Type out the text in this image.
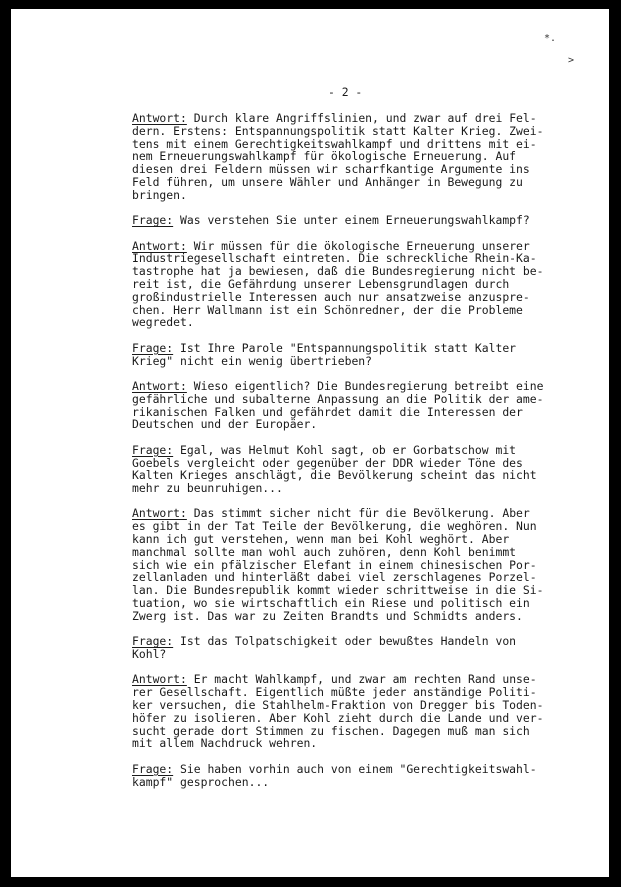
*.
>
- 2 -
Antwort: Durch klare Angriffslinien, und zwar auf drei Fel-
dern. Erstens: Entspannungspolitik statt Kalter Krieg. Zwei-
tens mit einem Gerechtigkeitswahlkampf und drittens mit ei-
nem Erneuerungswahlkampf für ökologische Erneuerung. Auf
diesen drei Feldern müssen wir scharfkantige Argumente ins
Feld führen, um unsere Wähler und Anhänger in Bewegung zu
bringen.
Frage: Was verstehen Sie unter einem Erneuerungswahlkampf?
Antwort: Wir müssen für die ökologische Erneuerung unserer
Industriegesellschaft eintreten. Die schreckliche Rhein-Ka-
tastrophe hat ja bewiesen, daß die Bundesregierung nicht be-
reit ist, die Gefährdung unserer Lebensgrundlagen durch
großindustrielle Interessen auch nur ansatzweise anzuspre-
chen. Herr Wallmann ist ein Schönredner, der die Probleme
wegredet.
Frage: Ist Ihre Parole "Entspannungspolitik statt Kalter
Krieg" nicht ein wenig übertrieben?
Antwort: Wieso eigentlich? Die Bundesregierung betreibt eine
gefährliche und subalterne Anpassung an die Politik der ame-
rikanischen Falken und gefährdet damit die Interessen der
Deutschen und der Europäer.
Frage: Egal, was Helmut Kohl sagt, ob er Gorbatschow mit
Goebels vergleicht oder gegenüber der DDR wieder Töne des
Kalten Krieges anschlägt, die Bevölkerung scheint das nicht
mehr zu beunruhigen...
Antwort: Das stimmt sicher nicht für die Bevölkerung. Aber
es gibt in der Tat Teile der Bevölkerung, die weghören. Nun
kann ich gut verstehen, wenn man bei Kohl weghört. Aber
manchmal sollte man wohl auch zuhören, denn Kohl benimmt
sich wie ein pfälzischer Elefant in einem chinesischen Por-
zellanladen und hinterläßt dabei viel zerschlagenes Porzel-
lan. Die Bundesrepublik kommt wieder schrittweise in die Si-
tuation, wo sie wirtschaftlich ein Riese und politisch ein
Zwerg ist. Das war zu Zeiten Brandts und Schmidts anders.
Frage: Ist das Tolpatschigkeit oder bewußtes Handeln von
Kohl?
Antwort: Er macht Wahlkampf, und zwar am rechten Rand unse-
rer Gesellschaft. Eigentlich müßte jeder anständige Politi-
ker versuchen, die Stahlhelm-Fraktion von Dregger bis Toden-
höfer zu isolieren. Aber Kohl zieht durch die Lande und ver-
sucht gerade dort Stimmen zu fischen. Dagegen muß man sich
mit allem Nachdruck wehren.
Frage: Sie haben vorhin auch von einem "Gerechtigkeitswahl-
kampf" gesprochen...
